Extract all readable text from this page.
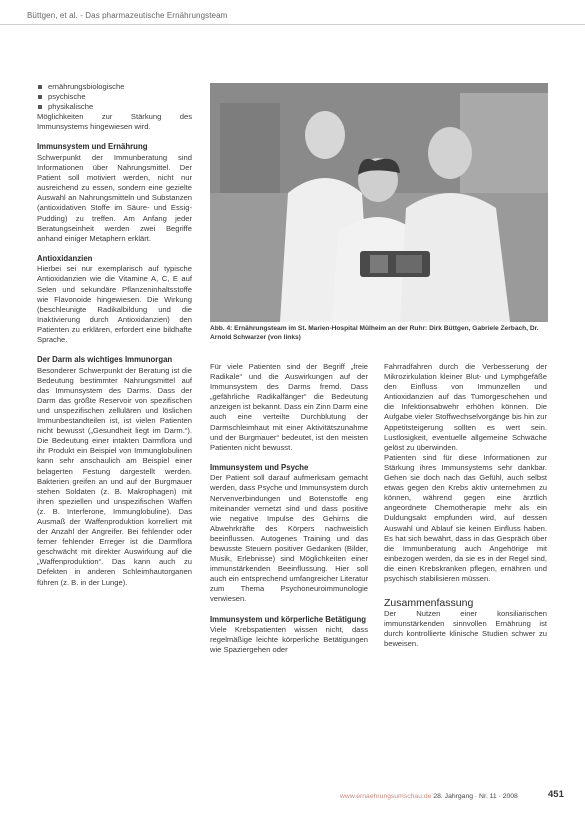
Büttgen, et al. - Das pharmazeutische Ernährungsteam
ernährungsbiologische
psychische
physikalische

Möglichkeiten zur Stärkung des Immunsystems hingewiesen wird.

Immunsystem und Ernährung

Schwerpunkt der Immunberatung sind Informationen über Nahrungsmittel. Der Patient soll motiviert werden, nicht nur ausreichend zu essen, sondern eine gezielte Auswahl an Nahrungsmitteln und Substanzen (antioxidativen Stoffe im Säure- und Essig-Pudding) zu treffen. Am Anfang jeder Beratungseinheit werden zwei Begriffe anhand einiger Metaphern erklärt.

Antioxidanzien

Hierbei sei nur exemplarisch auf typische Antioxidanzien wie die Vitamine A, C, E auf Selen und sekundäre Pflanzeninhaltsstoffe wie Flavonoide hingewiesen. Die Wirkung (beschleunigte Radikalbildung und die Inaktivierung durch Antioxidanzien) den Patienten zu erklären, erfordert eine bildhafte Sprache.

Der Darm als wichtiges Immunorgan

Besonderer Schwerpunkt der Beratung ist die Bedeutung bestimmter Nahrungsmittel auf das Immunsystem des Darms. Dass der Darm das größte Reservoir von spezifischen und unspezifischen zellulären und löslichen Immunbestandteilen ist, ist vielen Patienten nicht bewusst („Gesundheit liegt im Darm.“). Die Bedeutung einer intakten Darmflora und ihr Produkt ein Beispiel von Immunglobulinen kann sehr anschaulich am Beispiel einer belagerten Festung dargestellt werden. Bakterien greifen an und auf der Burgmauer stehen Soldaten (z. B. Makrophagen) mit ihren speziellen und unspezifischen Waffen (z. B. Interferone, Immunglobuline). Das Ausmaß der Waffenproduktion korreliert mit der Anzahl der Angreifer. Bei fehlender oder ferner fehlender Erreger ist die Darmflora geschwächt mit direkter Auswirkung auf die „Waffenproduktion“. Das kann auch zu Defekten in anderen Schleimhautorganen führen (z. B. in der Lunge).

Abb. 4: Ernährungsteam im St. Marien-Hospital Mülheim an der Ruhr: Dirk Büttgen, Gabriele Zerbach, Dr. Arnold Schwarzer (von links)

Für viele Patienten sind der Begriff „freie Radikale“ und die Auswirkungen auf der Immunsystem des Darms fremd. Dass „gefährliche Radikalfänger“ die Bedeutung anzeigen ist bekannt. Dass ein Zinn Darm eine auch eine verteilte Durchblutung der Darmschleimhaut mit einer Aktivitätszunahme und der Burgmauer“ bedeutet, ist den meisten Patienten nicht bewusst.

Immunsystem und Psyche

Der Patient soll darauf aufmerksam gemacht werden, dass Psyche und Immunsystem durch Nervenverbindungen und Botenstoffe eng miteinander vernetzt sind und dass positive wie negative Impulse des Gehirns die Abwehrkräfte des Körpers nachweislich beeinflussen. Autogenes Training und das bewusste Steuern positiver Gedanken (Bilder, Musik, Erlebnisse) sind Möglichkeiten einer immunstärkenden Beeinflussung. Hier soll auch ein entsprechend umfangreicher Literatur zum Thema Psychoneuroimmunologie verwiesen.

Immunsystem und körperliche Betätigung

Viele Krebspatienten wissen nicht, dass regelmäßige leichte körperliche Betätigungen wie Spaziergehen oder

Fahrradfahren durch die Verbesserung der Mikrozirkulation kleiner Blut- und Lymphgefäße den Einfluss von Immunzellen und Antioxidanzien auf das Tumorgeschehen und die Infektionsabwehr erhöhen können. Die Aufgabe vieler Stoffwechselvorgänge bis hin zur Appetitsteigerung sollten es wert sein. Lustlosigkeit, eventuelle allgemeine Schwäche gelöst zu überwinden.

Patienten sind für diese Informationen zur Stärkung ihres Immunsystems sehr dankbar. Gehen sie doch nach das Gefühl, auch selbst etwas gegen den Krebs aktiv unternehmen zu können, während gegen eine ärztlich angeordnete Chemotherapie mehr als ein Duldungsakt empfunden wird, auf dessen Auswahl und Ablauf sie keinen Einfluss haben. Es hat sich bewährt, dass in das Gespräch über die Immunberatung auch Angehörige mit einbezogen werden, da sie es in der Regel sind, die einen Krebskranken pflegen, ernähren und psychisch stabilisieren müssen.

Zusammenfassung

Der Nutzen einer konsiliarischen immunstärkenden sinnvollen Ernährung ist durch kontrollierte klinische Studien schwer zu beweisen.

www.ernaehrungsumschau.de 28. Jahrgang · Nr. 11 · 2008	451
